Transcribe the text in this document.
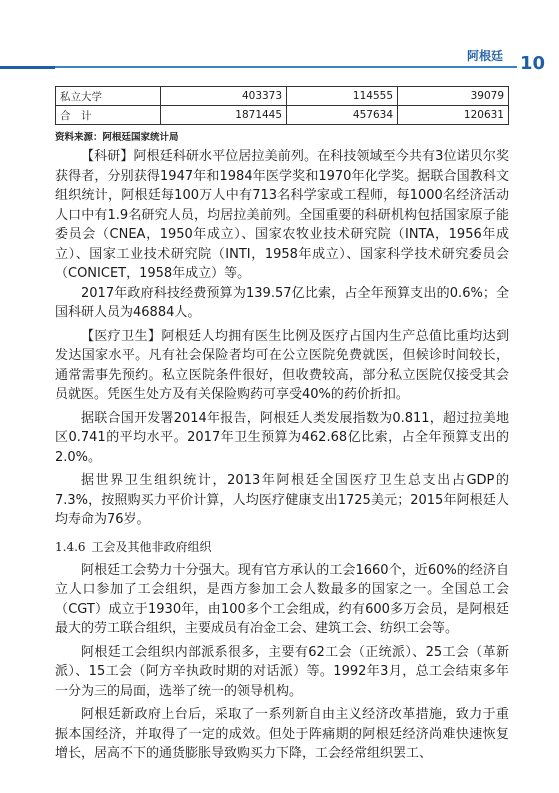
阿根廷 10
私立大学	403373	114555	39079
合　计	1871445	457634	120631
资料来源：阿根廷国家统计局

【科研】阿根廷科研水平位居拉美前列。在科技领域至今共有3位诺贝尔奖获得者，分别获得1947年和1984年医学奖和1970年化学奖。据联合国教科文组织统计，阿根廷每100万人中有713名科学家或工程师，每1000名经济活动人口中有1.9名研究人员，均居拉美前列。全国重要的科研机构包括国家原子能委员会（CNEA，1950年成立）、国家农牧业技术研究院（INTA，1956年成立）、国家工业技术研究院（INTI，1958年成立）、国家科学技术研究委员会（CONICET，1958年成立）等。

2017年政府科技经费预算为139.57亿比索，占全年预算支出的0.6%；全国科研人员为46884人。

【医疗卫生】阿根廷人均拥有医生比例及医疗占国内生产总值比重均达到发达国家水平。凡有社会保险者均可在公立医院免费就医，但候诊时间较长，通常需事先预约。私立医院条件很好，但收费较高，部分私立医院仅接受其会员就医。凭医生处方及有关保险购药可享受40%的药价折扣。

据联合国开发署2014年报告，阿根廷人类发展指数为0.811，超过拉美地区0.741的平均水平。2017年卫生预算为462.68亿比索，占全年预算支出的2.0%。

据世界卫生组织统计，2013年阿根廷全国医疗卫生总支出占GDP的7.3%，按照购买力平价计算，人均医疗健康支出1725美元；2015年阿根廷人均寿命为76岁。

1.4.6 工会及其他非政府组织

阿根廷工会势力十分强大。现有官方承认的工会1660个，近60%的经济自立人口参加了工会组织，是西方参加工会人数最多的国家之一。全国总工会（CGT）成立于1930年，由100多个工会组成，约有600多万会员，是阿根廷最大的劳工联合组织，主要成员有冶金工会、建筑工会、纺织工会等。

阿根廷工会组织内部派系很多，主要有62工会（正统派）、25工会（革新派）、15工会（阿方辛执政时期的对话派）等。1992年3月，总工会结束多年一分为三的局面，选举了统一的领导机构。

阿根廷新政府上台后，采取了一系列新自由主义经济改革措施，致力于重振本国经济，并取得了一定的成效。但处于阵痛期的阿根廷经济尚难快速恢复增长，居高不下的通货膨胀导致购买力下降，工会经常组织罢工、
